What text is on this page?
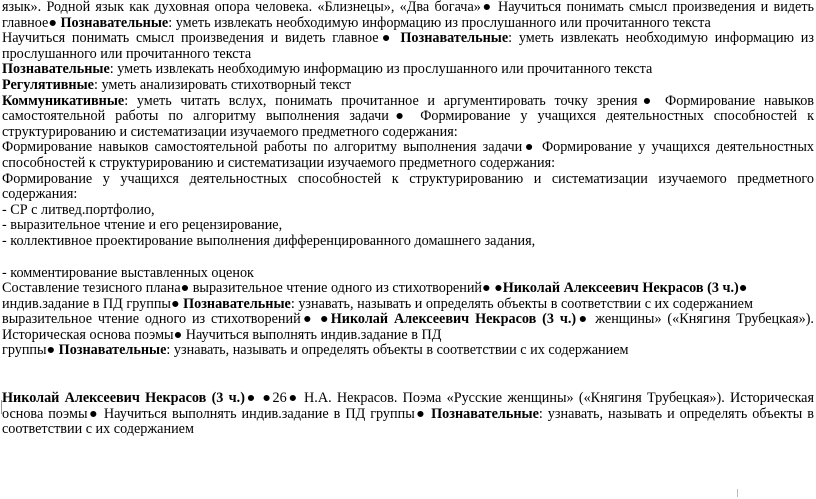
язык». Родной язык как духовная опора человека. «Близнецы», «Два богача»● Научиться понимать смысл произведения и видеть главное● Познавательные: уметь извлекать необходимую информацию из прослушанного или прочитанного текста

Научиться понимать смысл произведения и видеть главное● Познавательные: уметь извлекать необходимую информацию из прослушанного или прочитанного текста

Познавательные: уметь извлекать необходимую информацию из прослушанного или прочитанного текста

Регулятивные: уметь анализировать стихотворный текст

Коммуникативные: уметь читать вслух, понимать прочитанное и аргументировать точку зрения● Формирование навыков самостоятельной работы по алгоритму выполнения задачи● Формирование у учащихся деятельностных способностей к структурированию и систематизации изучаемого предметного содержания:

Формирование навыков самостоятельной работы по алгоритму выполнения задачи● Формирование у учащихся деятельностных способностей к структурированию и систематизации изучаемого предметного содержания:

Формирование у учащихся деятельностных способностей к структурированию и систематизации изучаемого предметного содержания:

- СР с литвед.портфолио,

- выразительное чтение и его рецензирование,

- коллективное проектирование выполнения дифференцированного домашнего задания,

- комментирование выставленных оценок

Составление тезисного плана● выразительное чтение одного из стихотворений● ●Николай Алексеевич Некрасов (3 ч.)●

индив.задание в ПД группы● Познавательные: узнавать, называть и определять объекты в соответствии с их содержанием

выразительное чтение одного из стихотворений● ●Николай Алексеевич Некрасов (3 ч.)● женщины» («Княгиня Трубецкая»). Историческая основа поэмы● Научиться выполнять индив.задание в ПД

группы● Познавательные: узнавать, называть и определять объекты в соответствии с их содержанием

Николай Алексеевич Некрасов (3 ч.)● ●26● Н.А. Некрасов. Поэма «Русские женщины» («Княгиня Трубецкая»). Историческая основа поэмы● Научиться выполнять индив.задание в ПД группы● Познавательные: узнавать, называть и определять объекты в соответствии с их содержанием
